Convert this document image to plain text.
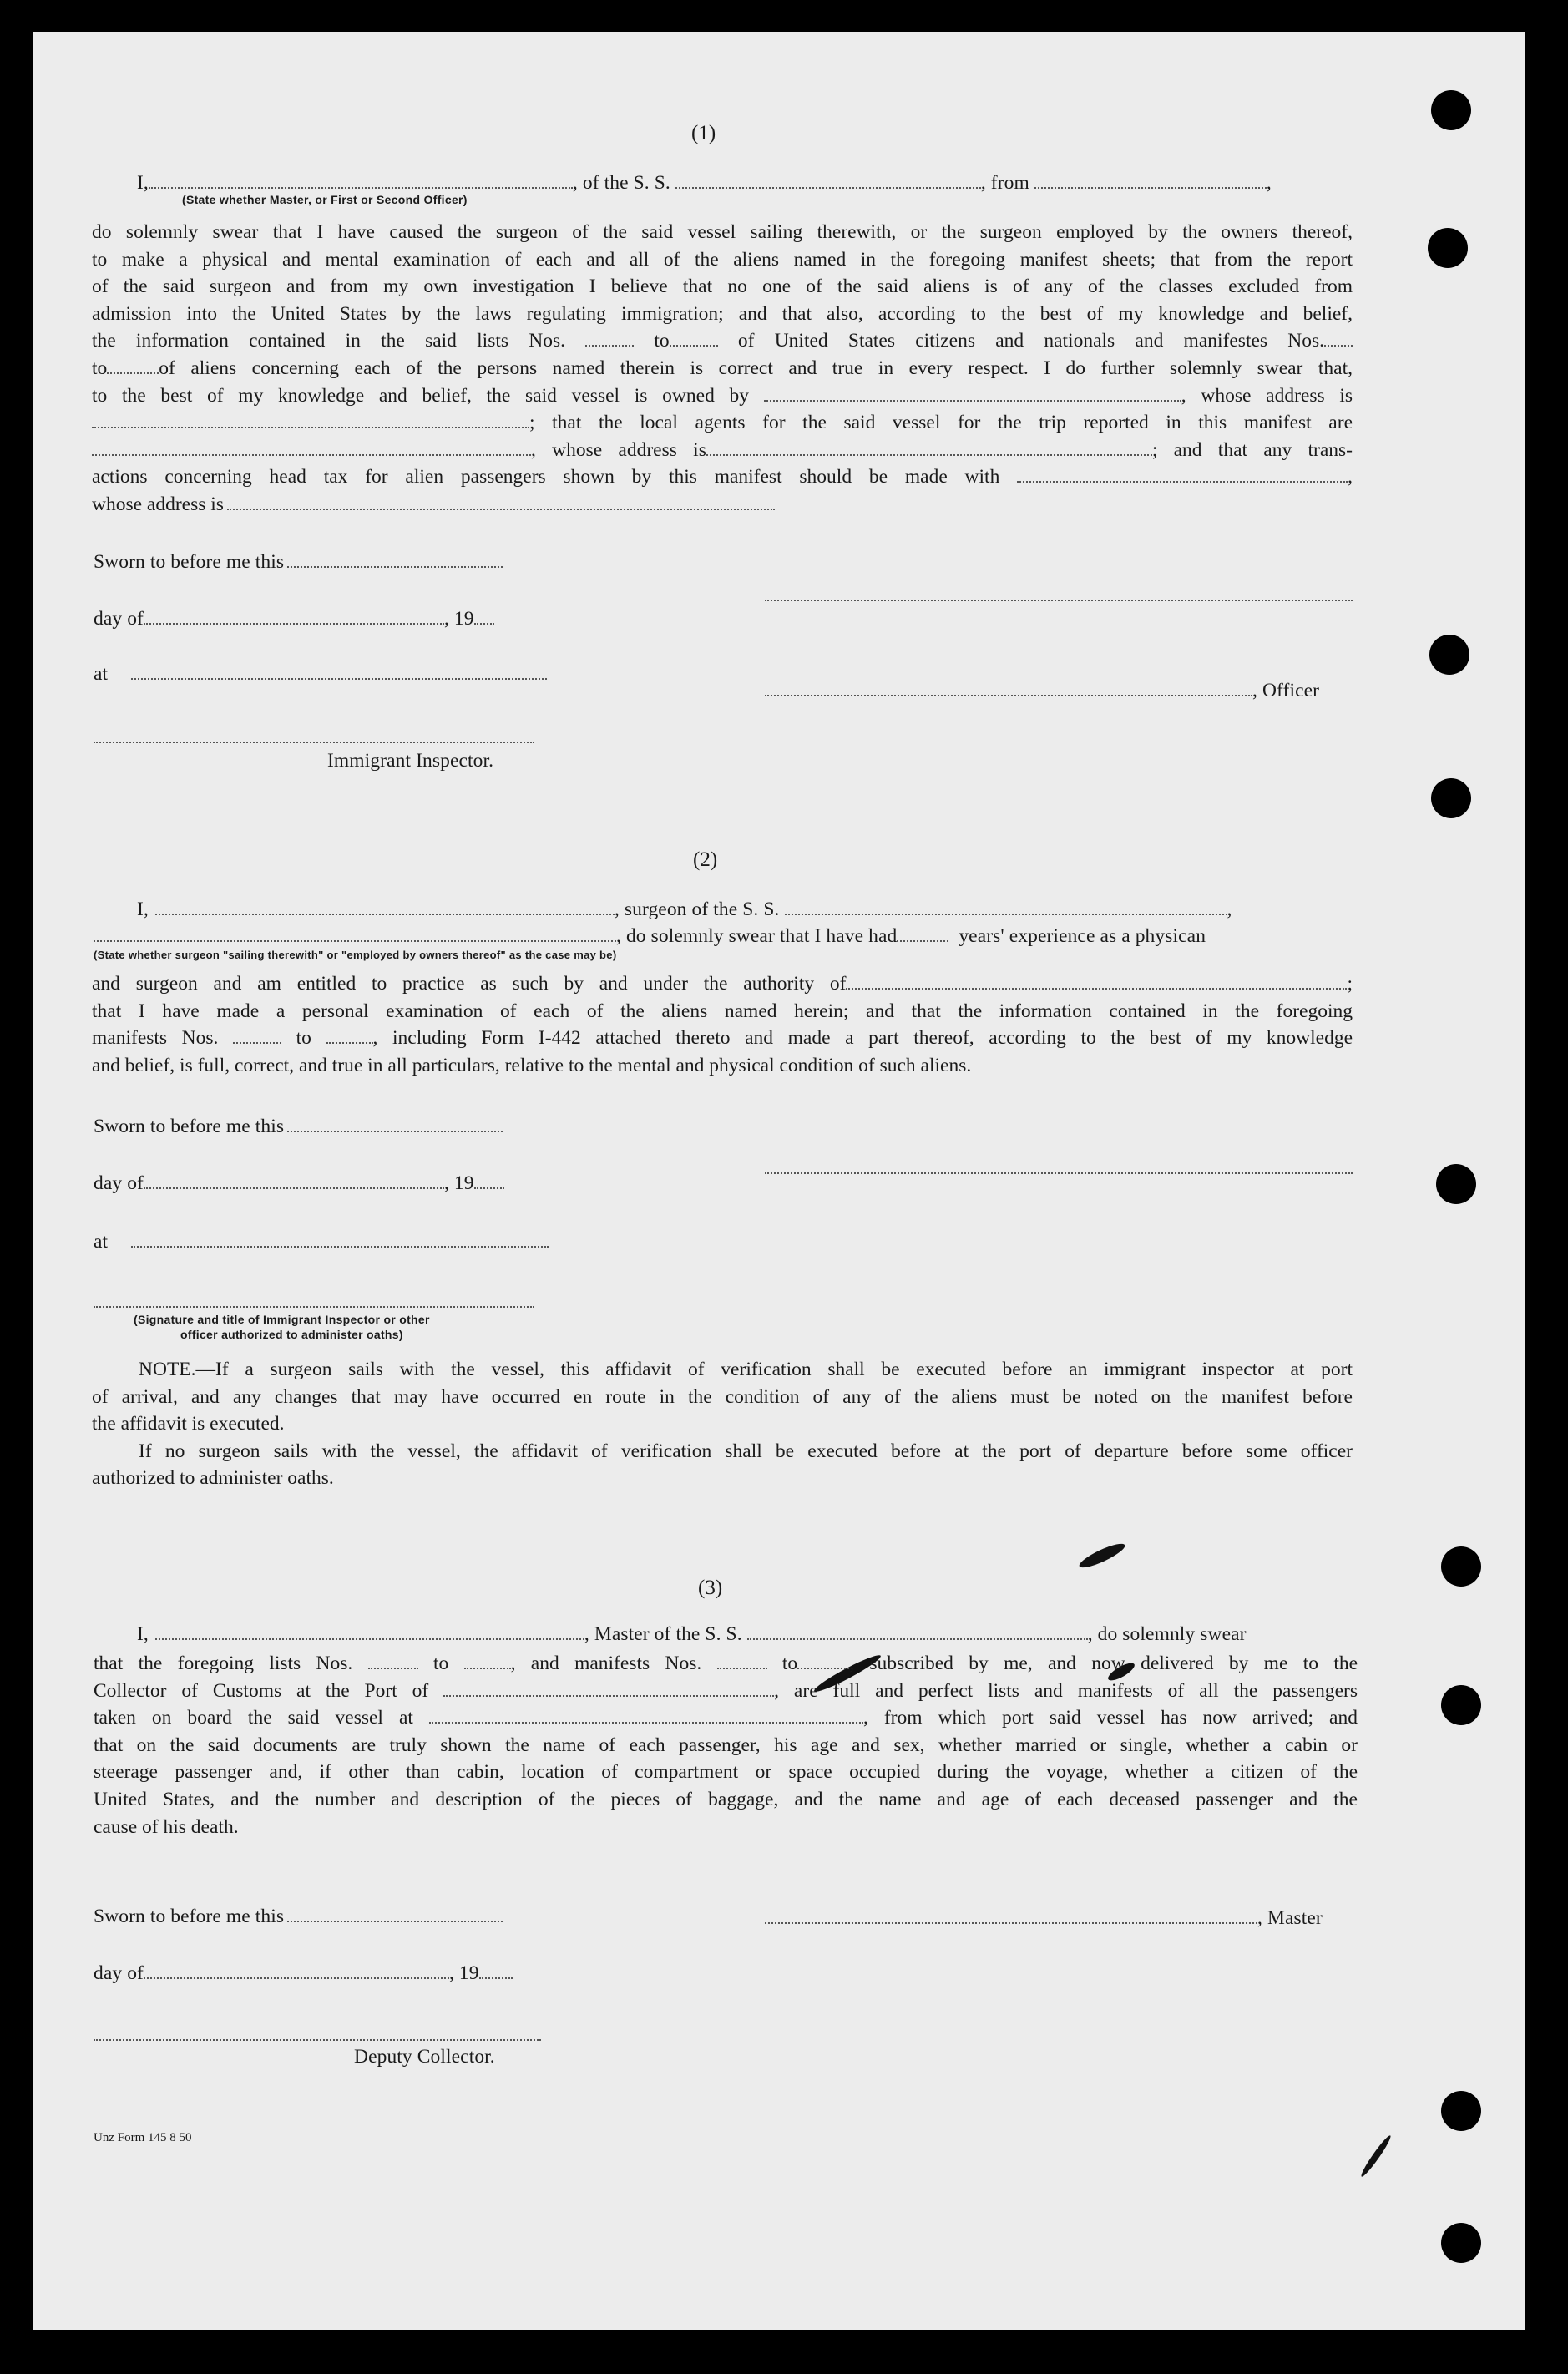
(1)
I,	, of the S. S.	, from	,
(State whether Master, or First or Second Officer)

do solemnly swear that I have caused the surgeon of the said vessel sailing therewith, or the surgeon employed by the owners thereof,

to make a physical and mental examination of each and all of the aliens named in the foregoing manifest sheets; that from the report

of the said surgeon and from my own investigation I believe that no one of the said aliens is of any of the classes excluded from

admission into the United States by the laws regulating immigration; and that also, according to the best of my knowledge and belief,

the information contained in the said lists Nos.	to	of United States citizens and nationals and manifestes Nos.

to	of aliens concerning each of the persons named therein is correct and true in every respect. I do further solemnly swear that,

to the best of my knowledge and belief, the said vessel is owned by	, whose address is

; that the local agents for the said vessel for the trip reported in this manifest are

, whose address is	; and that any trans-

actions concerning head tax for alien passengers shown by this manifest should be made with	,

whose address is

Sworn to before me this
day of	, 19
at
, Officer
Immigrant Inspector.
(2)
I,	, surgeon of the S. S.	,
, do solemnly swear that I have had	years' experience as a physican
(State whether surgeon "sailing therewith" or "employed by owners thereof" as the case may be)

and surgeon and am entitled to practice as such by and under the authority of	;

that I have made a personal examination of each of the aliens named herein; and that the information contained in the foregoing

manifests Nos.	to	, including Form I-442 attached thereto and made a part thereof, according to the best of my knowledge

and belief, is full, correct, and true in all particulars, relative to the mental and physical condition of such aliens.

Sworn to before me this
day of	, 19
at
(Signature and title of Immigrant Inspector or other
officer authorized to administer oaths)

NOTE.—If a surgeon sails with the vessel, this affidavit of verification shall be executed before an immigrant inspector at port

of arrival, and any changes that may have occurred en route in the condition of any of the aliens must be noted on the manifest before

the affidavit is executed.

If no surgeon sails with the vessel, the affidavit of verification shall be executed before at the port of departure before some officer

authorized to administer oaths.

(3)
I,	, Master of the S. S.	, do solemnly swear

that the foregoing lists Nos.	to	, and manifests Nos.	to	, subscribed by me, and now delivered by me to the

Collector of Customs at the Port of	, are full and perfect lists and manifests of all the passengers

taken on board the said vessel at	, from which port said vessel has now arrived; and

that on the said documents are truly shown the name of each passenger, his age and sex, whether married or single, whether a cabin or

steerage passenger and, if other than cabin, location of compartment or space occupied during the voyage, whether a citizen of the

United States, and the number and description of the pieces of baggage, and the name and age of each deceased passenger and the

cause of his death.

Sworn to before me this	, Master
day of	, 19
Deputy Collector.
Unz Form 145 8 50
